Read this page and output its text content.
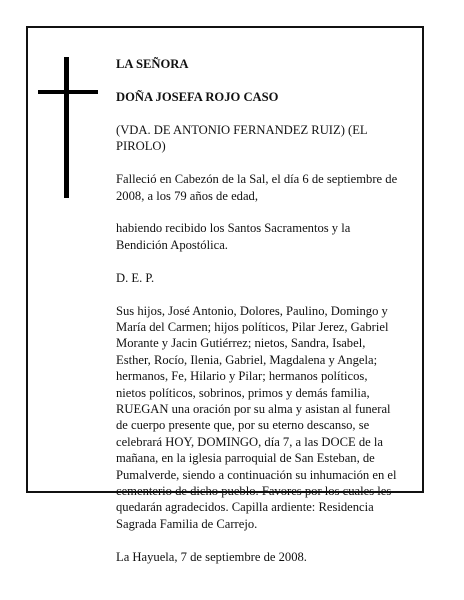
LA SEÑORA

DOÑA JOSEFA ROJO CASO

(VDA. DE ANTONIO FERNANDEZ RUIZ) (EL
PIROLO)

Falleció en Cabezón de la Sal, el día 6 de septiembre de
2008, a los 79 años de edad,

habiendo recibido los Santos Sacramentos y la
Bendición Apostólica.

D. E. P.

Sus hijos, José Antonio, Dolores, Paulino, Domingo y
María del Carmen; hijos políticos, Pilar Jerez, Gabriel
Morante y Jacin Gutiérrez; nietos, Sandra, Isabel,
Esther, Rocío, Ilenia, Gabriel, Magdalena y Angela;
hermanos, Fe, Hilario y Pilar; hermanos políticos,
nietos políticos, sobrinos, primos y demás familia,
RUEGAN una oración por su alma y asistan al funeral
de cuerpo presente que, por su eterno descanso, se
celebrará HOY, DOMINGO, día 7, a las DOCE de la
mañana, en la iglesia parroquial de San Esteban, de
Pumalverde, siendo a continuación su inhumación en el
cementerio de dicho pueblo. Favores por los cuales les
quedarán agradecidos. Capilla ardiente: Residencia
Sagrada Familia de Carrejo.

La Hayuela, 7 de septiembre de 2008.
